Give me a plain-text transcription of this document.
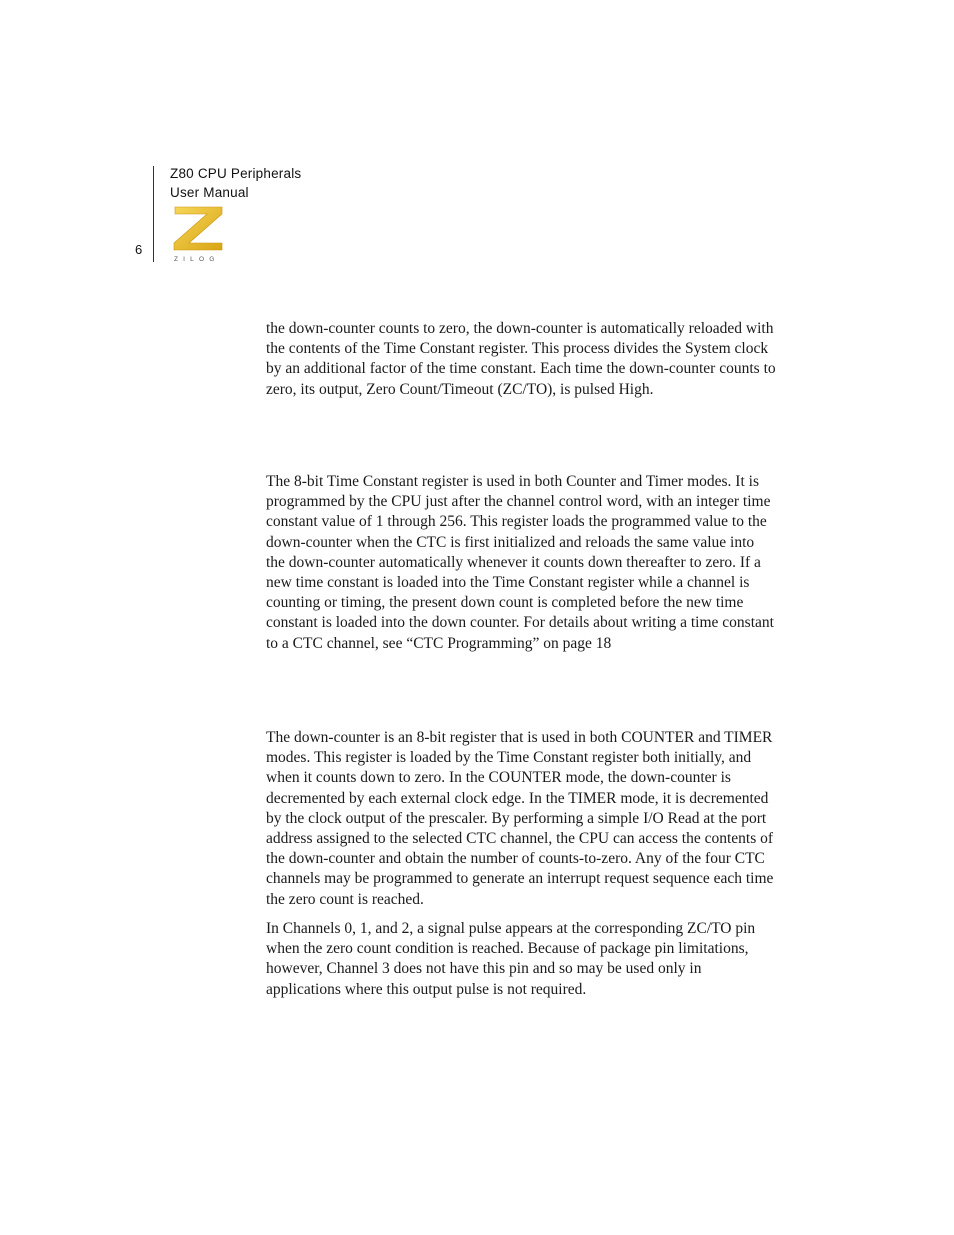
Z80 CPU Peripherals
User Manual
6
ZILOG

the down-counter counts to zero, the down-counter is automatically reloaded with the contents of the Time Constant register. This process divides the System clock by an additional factor of the time constant. Each time the down-counter counts to zero, its output, Zero Count/Timeout (ZC/TO), is pulsed High.

The 8-bit Time Constant register is used in both Counter and Timer modes. It is programmed by the CPU just after the channel control word, with an integer time constant value of 1 through 256. This register loads the programmed value to the down-counter when the CTC is first initialized and reloads the same value into the down-counter automatically whenever it counts down thereafter to zero. If a new time constant is loaded into the Time Constant register while a channel is counting or timing, the present down count is completed before the new time constant is loaded into the down counter. For details about writing a time constant to a CTC channel, see “CTC Programming” on page 18

The down-counter is an 8-bit register that is used in both COUNTER and TIMER modes. This register is loaded by the Time Constant register both initially, and when it counts down to zero. In the COUNTER mode, the down-counter is decremented by each external clock edge. In the TIMER mode, it is decremented by the clock output of the prescaler. By performing a simple I/O Read at the port address assigned to the selected CTC channel, the CPU can access the contents of the down-counter and obtain the number of counts-to-zero. Any of the four CTC channels may be programmed to generate an interrupt request sequence each time the zero count is reached.

In Channels 0, 1, and 2, a signal pulse appears at the corresponding ZC/TO pin when the zero count condition is reached. Because of package pin limitations, however, Channel 3 does not have this pin and so may be used only in applications where this output pulse is not required.
